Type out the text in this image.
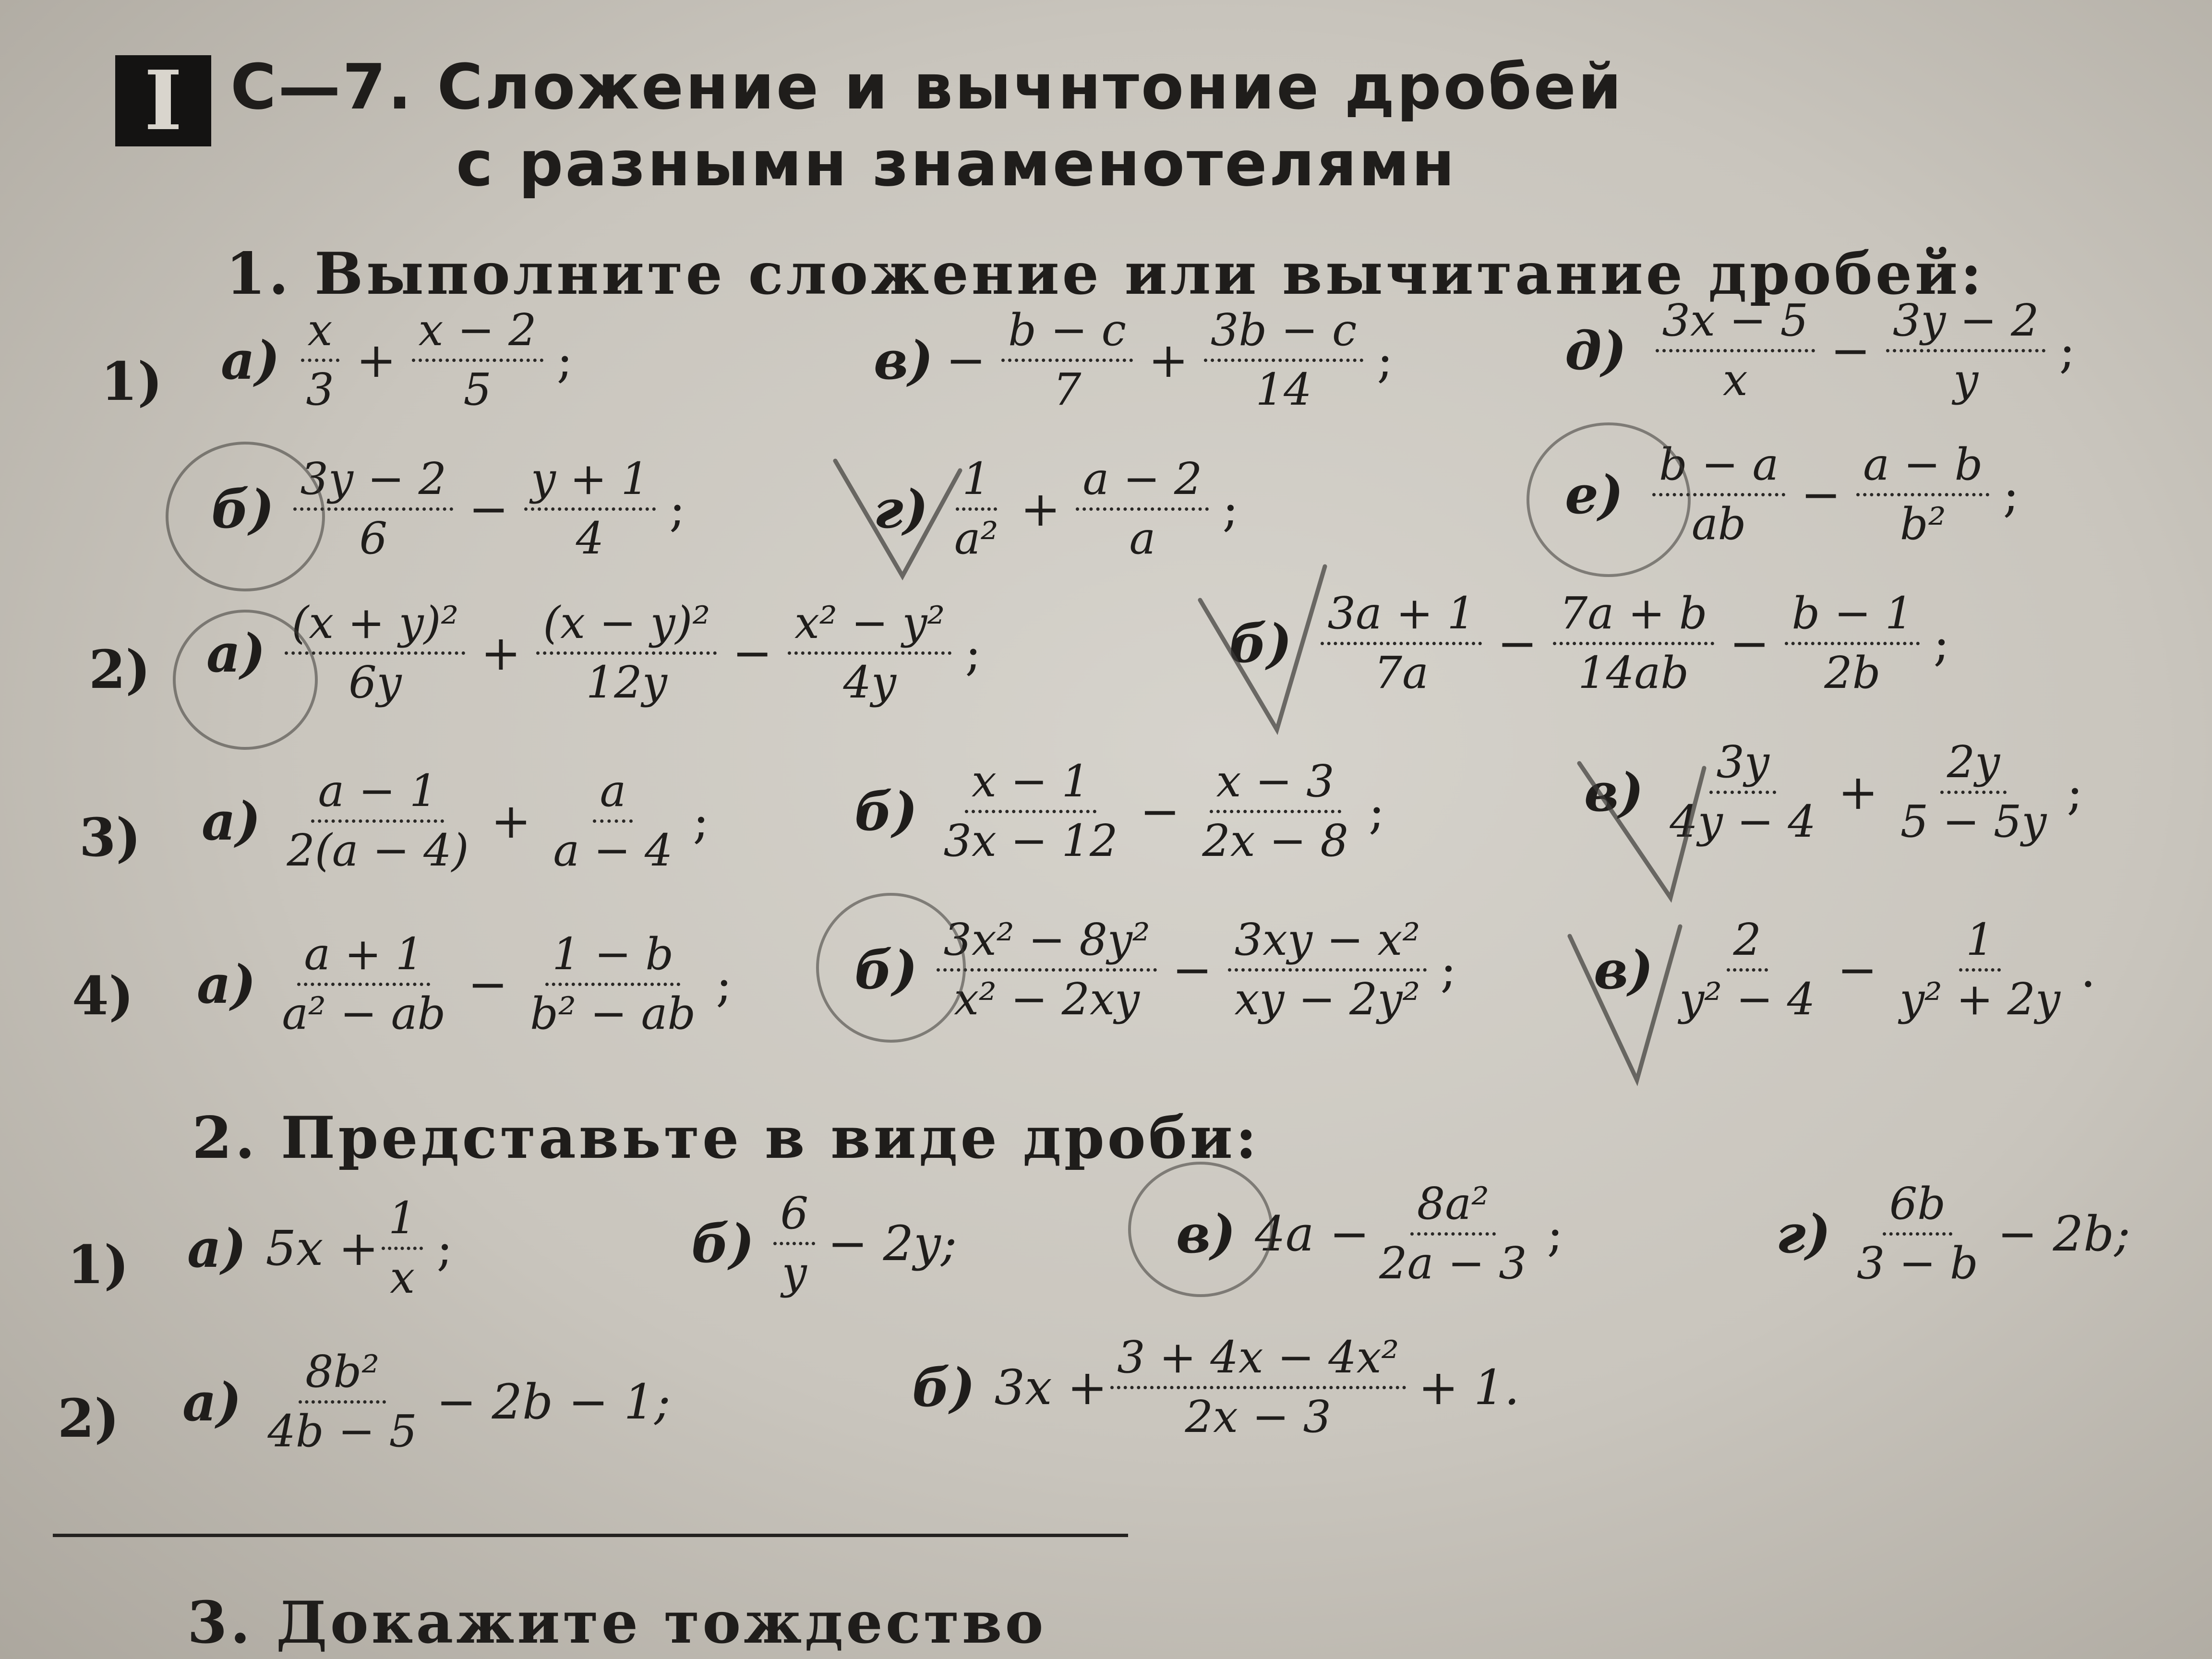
I С—7. Сложение и вычнтоние дробей
с разнымн знаменотелямн
1. Выполните сложение или вычитание дробей:
1) $а) \frac{x}{3} + \frac{x - 2}{5}$ ;	$в) - \frac{b - c}{7} + \frac{3b - c}{14}$ ;	$д) \frac{3x - 5}{x} - \frac{3y - 2}{y}$ ;
$б) \frac{3y - 2}{6} - \frac{y + 1}{4}$ ;	$г) \frac{1}{\text{a²}} + \frac{a - 2}{a}$ ;	$е) \frac{b - a}{ab} - \frac{a - b}{\text{b²}}$ ;
2) $а) \frac{\text{(x + y)²}}{6y} + \frac{\text{(x − y)²}}{12y} - \frac{\text{x² − y²}}{4y}$ ;	$б) \frac{3a + 1}{7a} - \frac{7a + b}{14ab} - \frac{b - 1}{2b}$ ;
3) $а) \frac{a - 1}{2(a - 4)} + \frac{a}{a - 4}$ ;	$б) \frac{x - 1}{3x - 12} - \frac{x - 3}{2x - 8}$ ;	$в) \frac{3y}{4y - 4} + \frac{2y}{5 - 5y}$ ;
4) $а) \frac{a + 1}{\text{a² − ab}} - \frac{1 - b}{\text{b² − ab}}$ ; $б) \frac{\text{3x² − 8y²}}{\text{x² − 2xy}} - \frac{\text{3xy − x²}}{\text{xy − 2y²}}$ ;	$в) \frac{2}{\text{y² − 4}} - \frac{1}{\text{y² + 2y}}$ .
2. Представьте в виде дроби:
1) а) $5x + \frac{1}{x}$ ;	$б) \frac{6}{y} - 2y$;	в) $4a - \frac{\text{8a²}}{2a - 3}$ ;	$г) \frac{6b}{3 - b} - 2b$;
2) $а) \frac{\text{8b²}}{4b - 5} - 2b - 1$;	б) $3x + \frac{\text{3 + 4x − 4x²}}{2x - 3} + 1$.
3. Докажите тождество
